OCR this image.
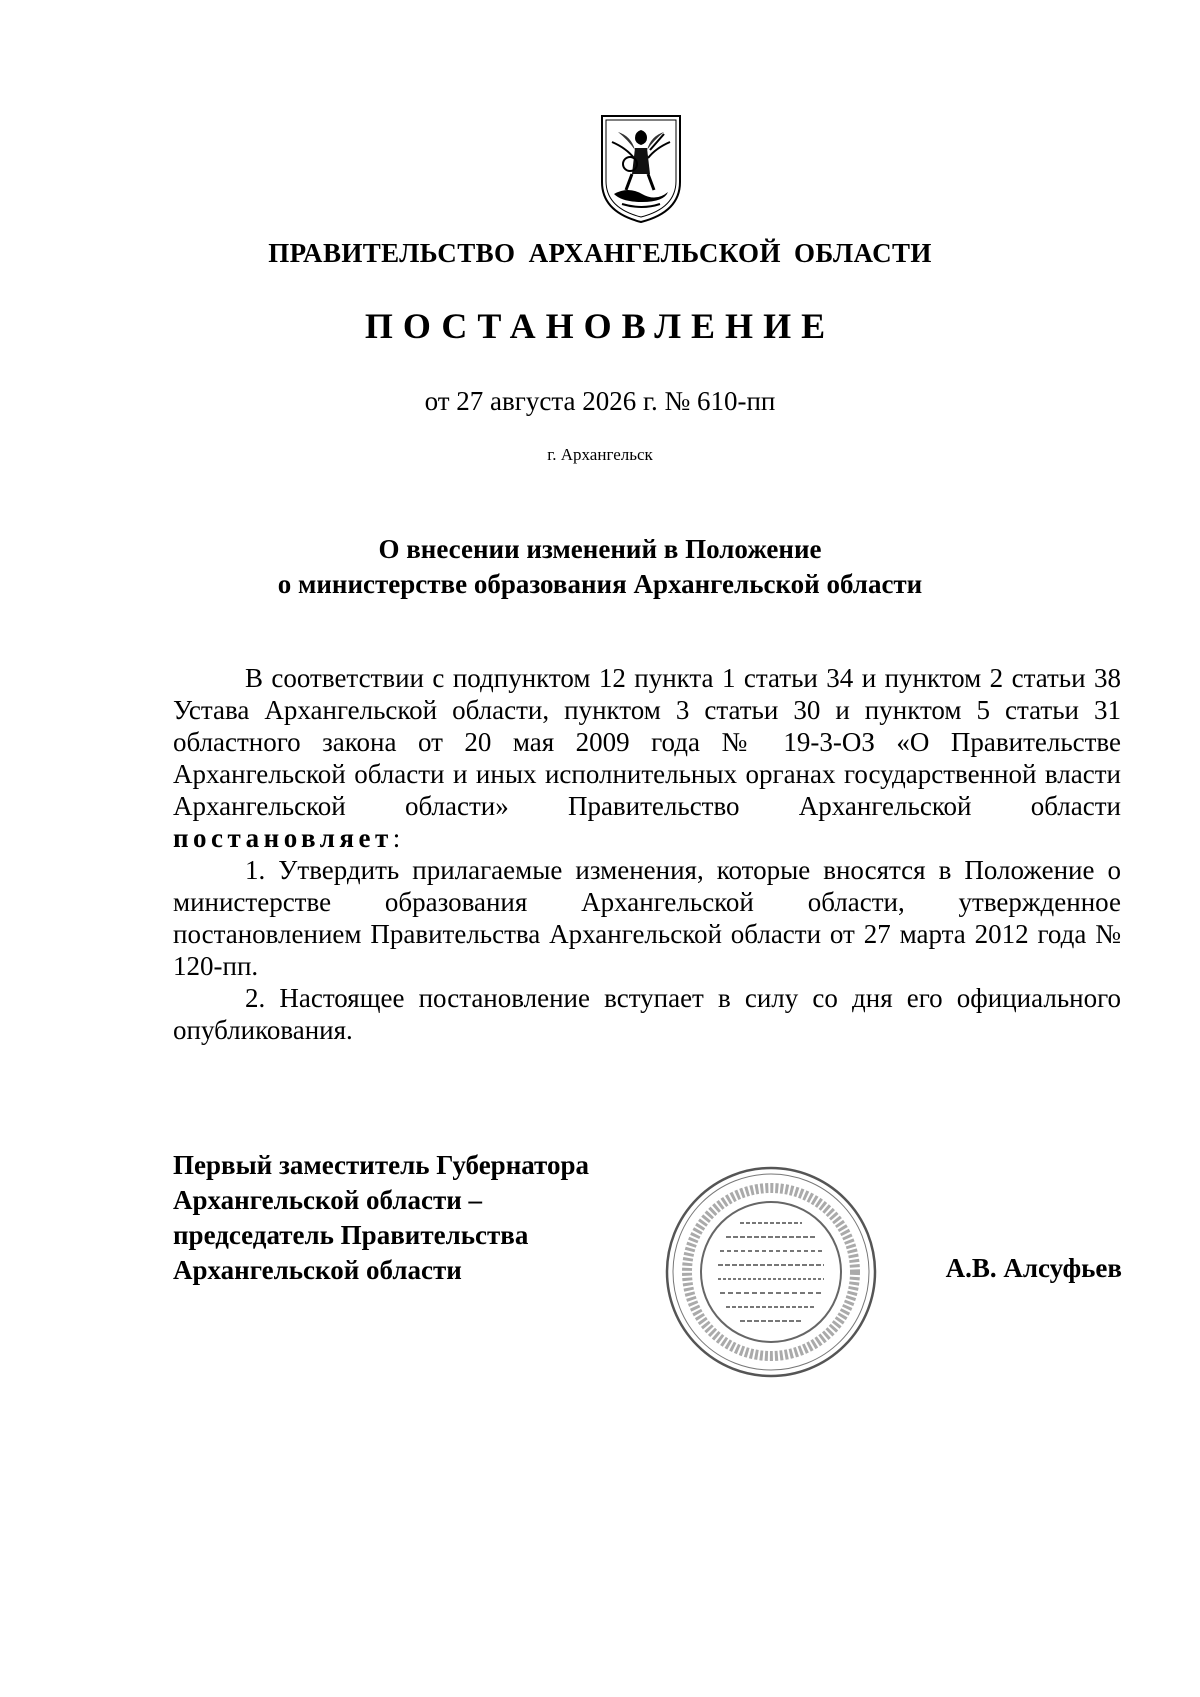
ПРАВИТЕЛЬСТВО АРХАНГЕЛЬСКОЙ ОБЛАСТИ
ПОСТАНОВЛЕНИЕ
от 27 августа 2026 г. № 610-пп
г. Архангельск
О внесении изменений в Положение
о министерстве образования Архангельской области

В соответствии с подпунктом 12 пункта 1 статьи 34 и пунктом 2 статьи 38 Устава Архангельской области, пунктом 3 статьи 30 и пунктом 5 статьи 31 областного закона от 20 мая 2009 года № 19-3-ОЗ «О Правительстве Архангельской области и иных исполнительных органах государственной власти Архангельской области» Правительство Архангельской области постановляет:

1. Утвердить прилагаемые изменения, которые вносятся в Положение о министерстве образования Архангельской области, утвержденное постановлением Правительства Архангельской области от 27 марта 2012 года № 120-пп.

2. Настоящее постановление вступает в силу со дня его официального опубликования.

Первый заместитель Губернатора
Архангельской области –
председатель Правительства
Архангельской области	А.В. Алсуфьев
